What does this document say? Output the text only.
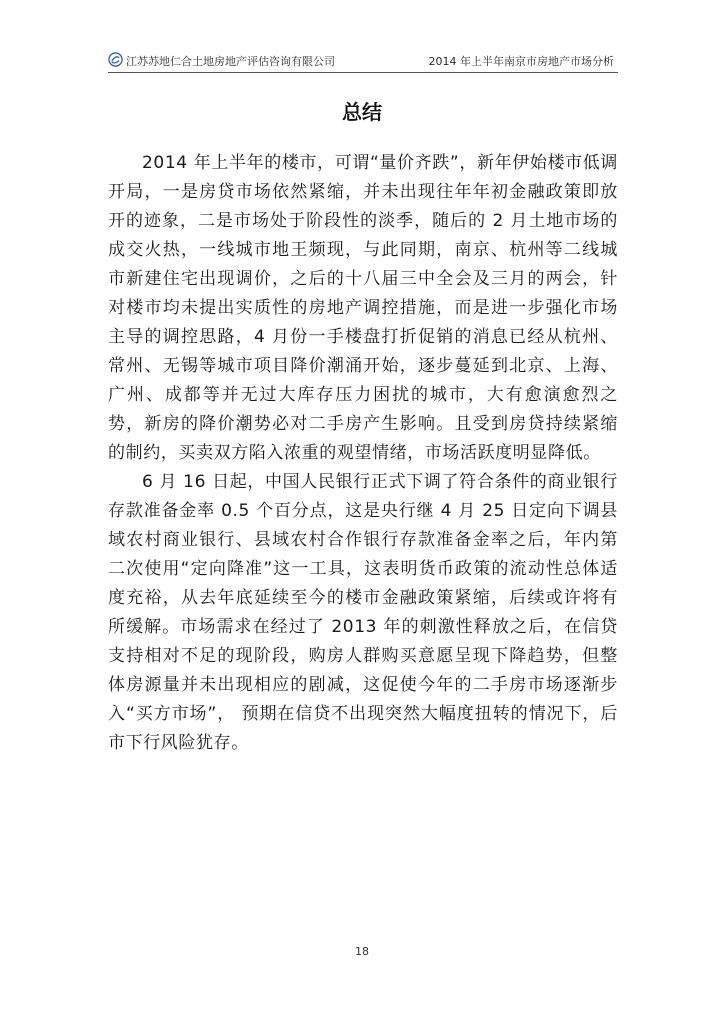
江苏苏地仁合土地房地产评估咨询有限公司	2014 年上半年南京市房地产市场分析
总结

2014 年上半年的楼市，可谓“量价齐跌”，新年伊始楼市低调开局，一是房贷市场依然紧缩，并未出现往年年初金融政策即放开的迹象，二是市场处于阶段性的淡季，随后的 2 月土地市场的成交火热，一线城市地王频现，与此同期，南京、杭州等二线城市新建住宅出现调价，之后的十八届三中全会及三月的两会，针对楼市均未提出实质性的房地产调控措施，而是进一步强化市场主导的调控思路，4 月份一手楼盘打折促销的消息已经从杭州、常州、无锡等城市项目降价潮涌开始，逐步蔓延到北京、上海、广州、成都等并无过大库存压力困扰的城市，大有愈演愈烈之势，新房的降价潮势必对二手房产生影响。且受到房贷持续紧缩的制约，买卖双方陷入浓重的观望情绪，市场活跃度明显降低。

6 月 16 日起，中国人民银行正式下调了符合条件的商业银行存款准备金率 0.5 个百分点，这是央行继 4 月 25 日定向下调县域农村商业银行、县域农村合作银行存款准备金率之后，年内第二次使用“定向降准”这一工具，这表明货币政策的流动性总体适度充裕，从去年底延续至今的楼市金融政策紧缩，后续或许将有所缓解。市场需求在经过了 2013 年的刺激性释放之后，在信贷支持相对不足的现阶段，购房人群购买意愿呈现下降趋势，但整体房源量并未出现相应的剧减，这促使今年的二手房市场逐渐步入“买方市场”， 预期在信贷不出现突然大幅度扭转的情况下，后市下行风险犹存。

18
